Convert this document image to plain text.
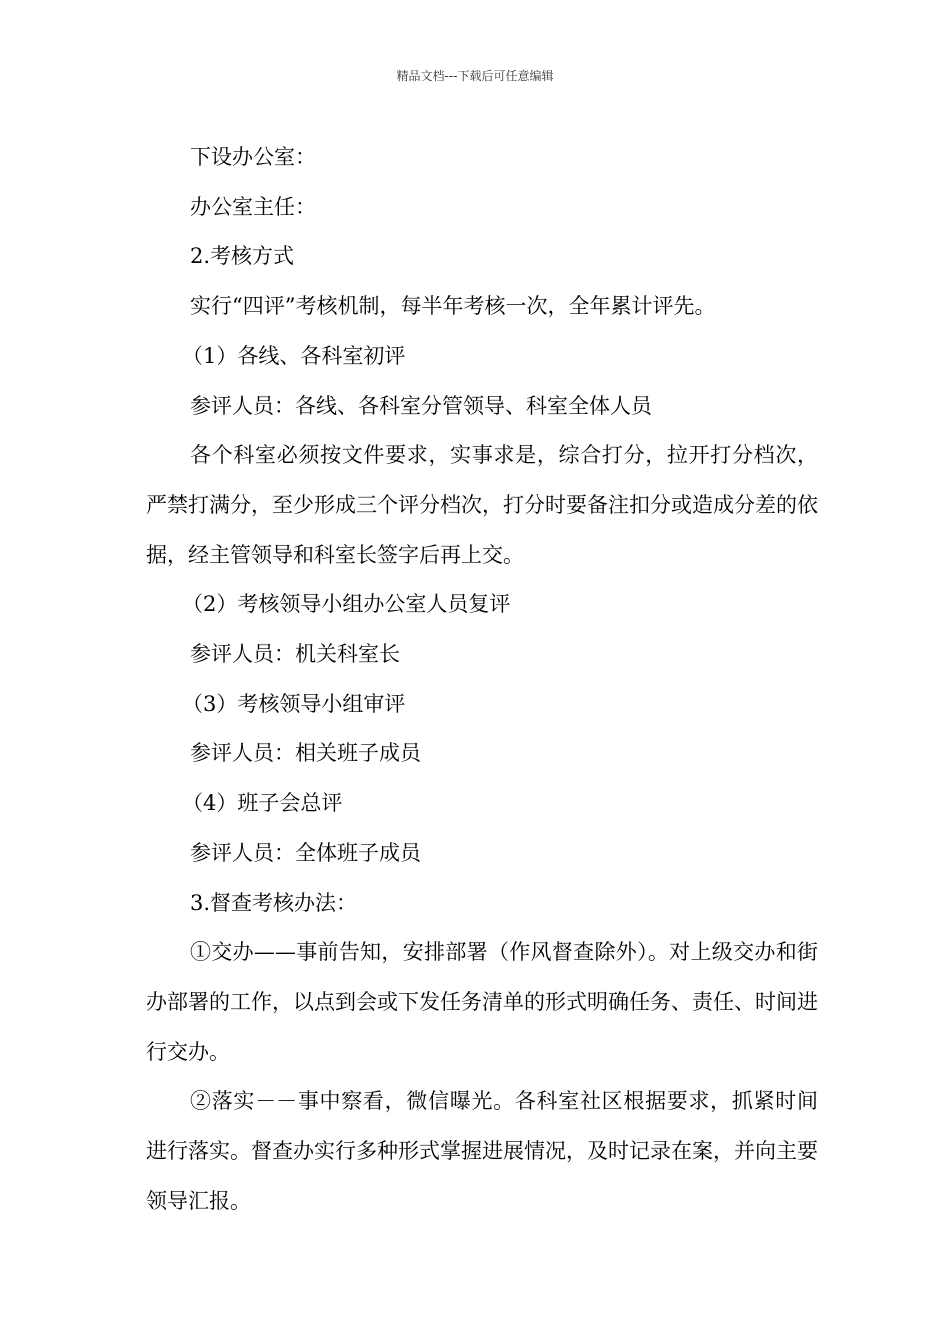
精品文档---下载后可任意编辑

下设办公室：

办公室主任：

2.考核方式

实行“四评”考核机制，每半年考核一次，全年累计评先。

（1）各线、各科室初评

参评人员：各线、各科室分管领导、科室全体人员

各个科室必须按文件要求，实事求是，综合打分，拉开打分档次，严禁打满分，至少形成三个评分档次，打分时要备注扣分或造成分差的依据，经主管领导和科室长签字后再上交。

（2）考核领导小组办公室人员复评

参评人员：机关科室长

（3）考核领导小组审评

参评人员：相关班子成员

（4）班子会总评

参评人员：全体班子成员

3.督查考核办法：

①交办——事前告知，安排部署（作风督查除外）。对上级交办和街办部署的工作，以点到会或下发任务清单的形式明确任务、责任、时间进行交办。

②落实－－事中察看，微信曝光。各科室社区根据要求，抓紧时间进行落实。督查办实行多种形式掌握进展情况，及时记录在案，并向主要领导汇报。
